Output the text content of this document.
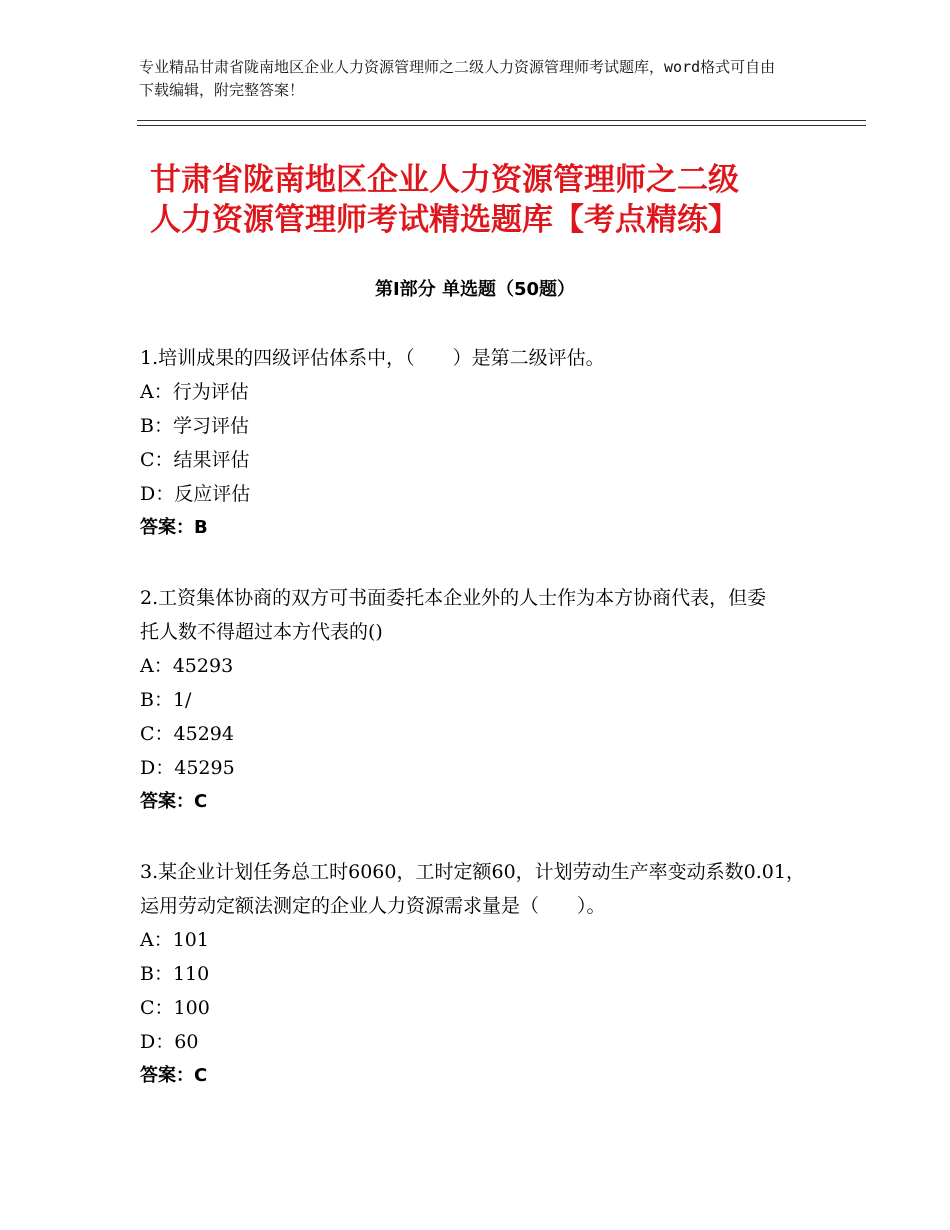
专业精品甘肃省陇南地区企业人力资源管理师之二级人力资源管理师考试题库，word格式可自由下载编辑，附完整答案！
甘肃省陇南地区企业人力资源管理师之二级
人力资源管理师考试精选题库【考点精练】
第Ⅰ部分 单选题（50题）
1.培训成果的四级评估体系中，（　　）是第二级评估。
A：行为评估
B：学习评估
C：结果评估
D：反应评估
答案：B
2.工资集体协商的双方可书面委托本企业外的人士作为本方协商代表，但委托人数不得超过本方代表的()
A：45293
B：1/
C：45294
D：45295
答案：C
3.某企业计划任务总工时6060，工时定额60，计划劳动生产率变动系数0.01，运用劳动定额法测定的企业人力资源需求量是（　　）。
A：101
B：110
C：100
D：60
答案：C
